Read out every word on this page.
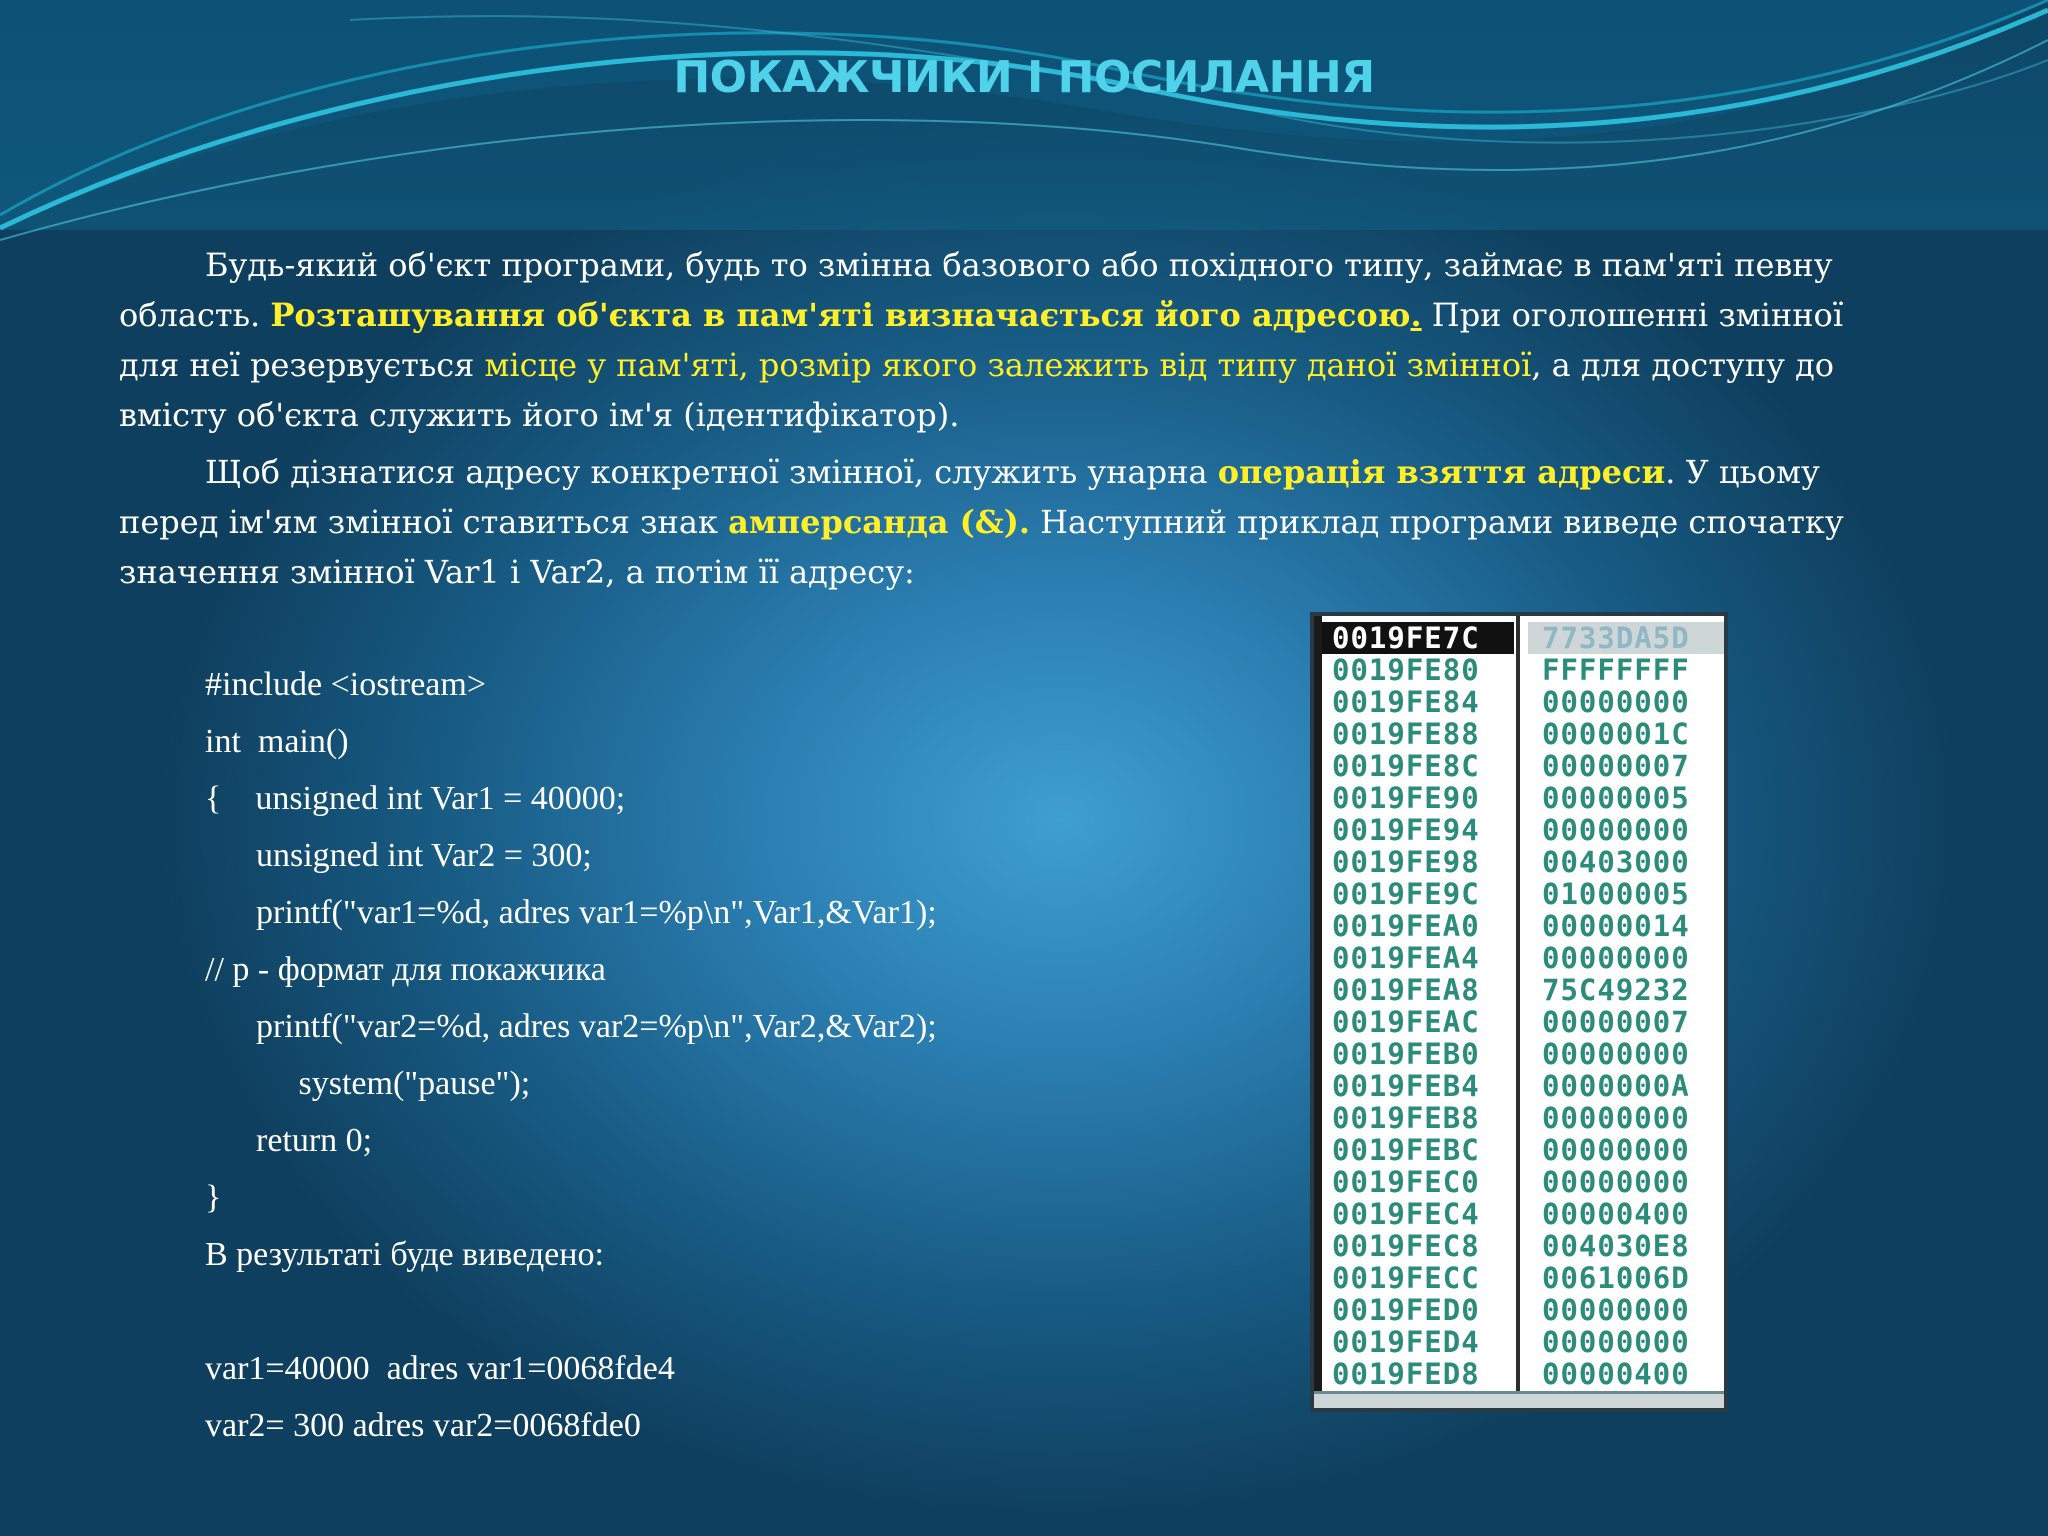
ПОКАЖЧИКИ І ПОСИЛАННЯ
Будь-який об'єкт програми, будь то змінна базового або похідного типу, займає в пам'яті певну область. Розташування об'єкта в пам'яті визначається його адресою. При оголошенні змінної для неї резервується місце у пам'яті, розмір якого залежить від типу даної змінної, а для доступу до вмісту об'єкта служить його ім'я (ідентифікатор).
Щоб дізнатися адресу конкретної змінної, служить унарна операція взяття адреси. У цьому перед ім'ям змінної ставиться знак амперсанда (&). Наступний приклад програми виведе спочатку значення змінної Var1 і Var2, а потім її адресу:
#include <iostream>
int  main()
{    unsigned int Var1 = 40000;
unsigned int Var2 = 300;
printf("var1=%d, adres var1=%p\n",Var1,&Var1);
// p - формат для покажчика
printf("var2=%d, adres var2=%p\n",Var2,&Var2);
system("pause");
return 0;
}
В результаті буде виведено:
var1=40000  adres var1=0068fde4
var2= 300 adres var2=0068fde0
0019FE7C	7733DA5D
0019FE80 FFFFFFFF
0019FE84 00000000
0019FE88 0000001C
0019FE8C 00000007
0019FE90 00000005
0019FE94 00000000
0019FE98 00403000
0019FE9C 01000005
0019FEA0 00000014
0019FEA4 00000000
0019FEA8 75C49232
0019FEAC 00000007
0019FEB0 00000000
0019FEB4 0000000A
0019FEB8 00000000
0019FEBC 00000000
0019FEC0 00000000
0019FEC4 00000400
0019FEC8 004030E8
0019FECC 0061006D
0019FED0 00000000
0019FED4 00000000
0019FED8 00000400
